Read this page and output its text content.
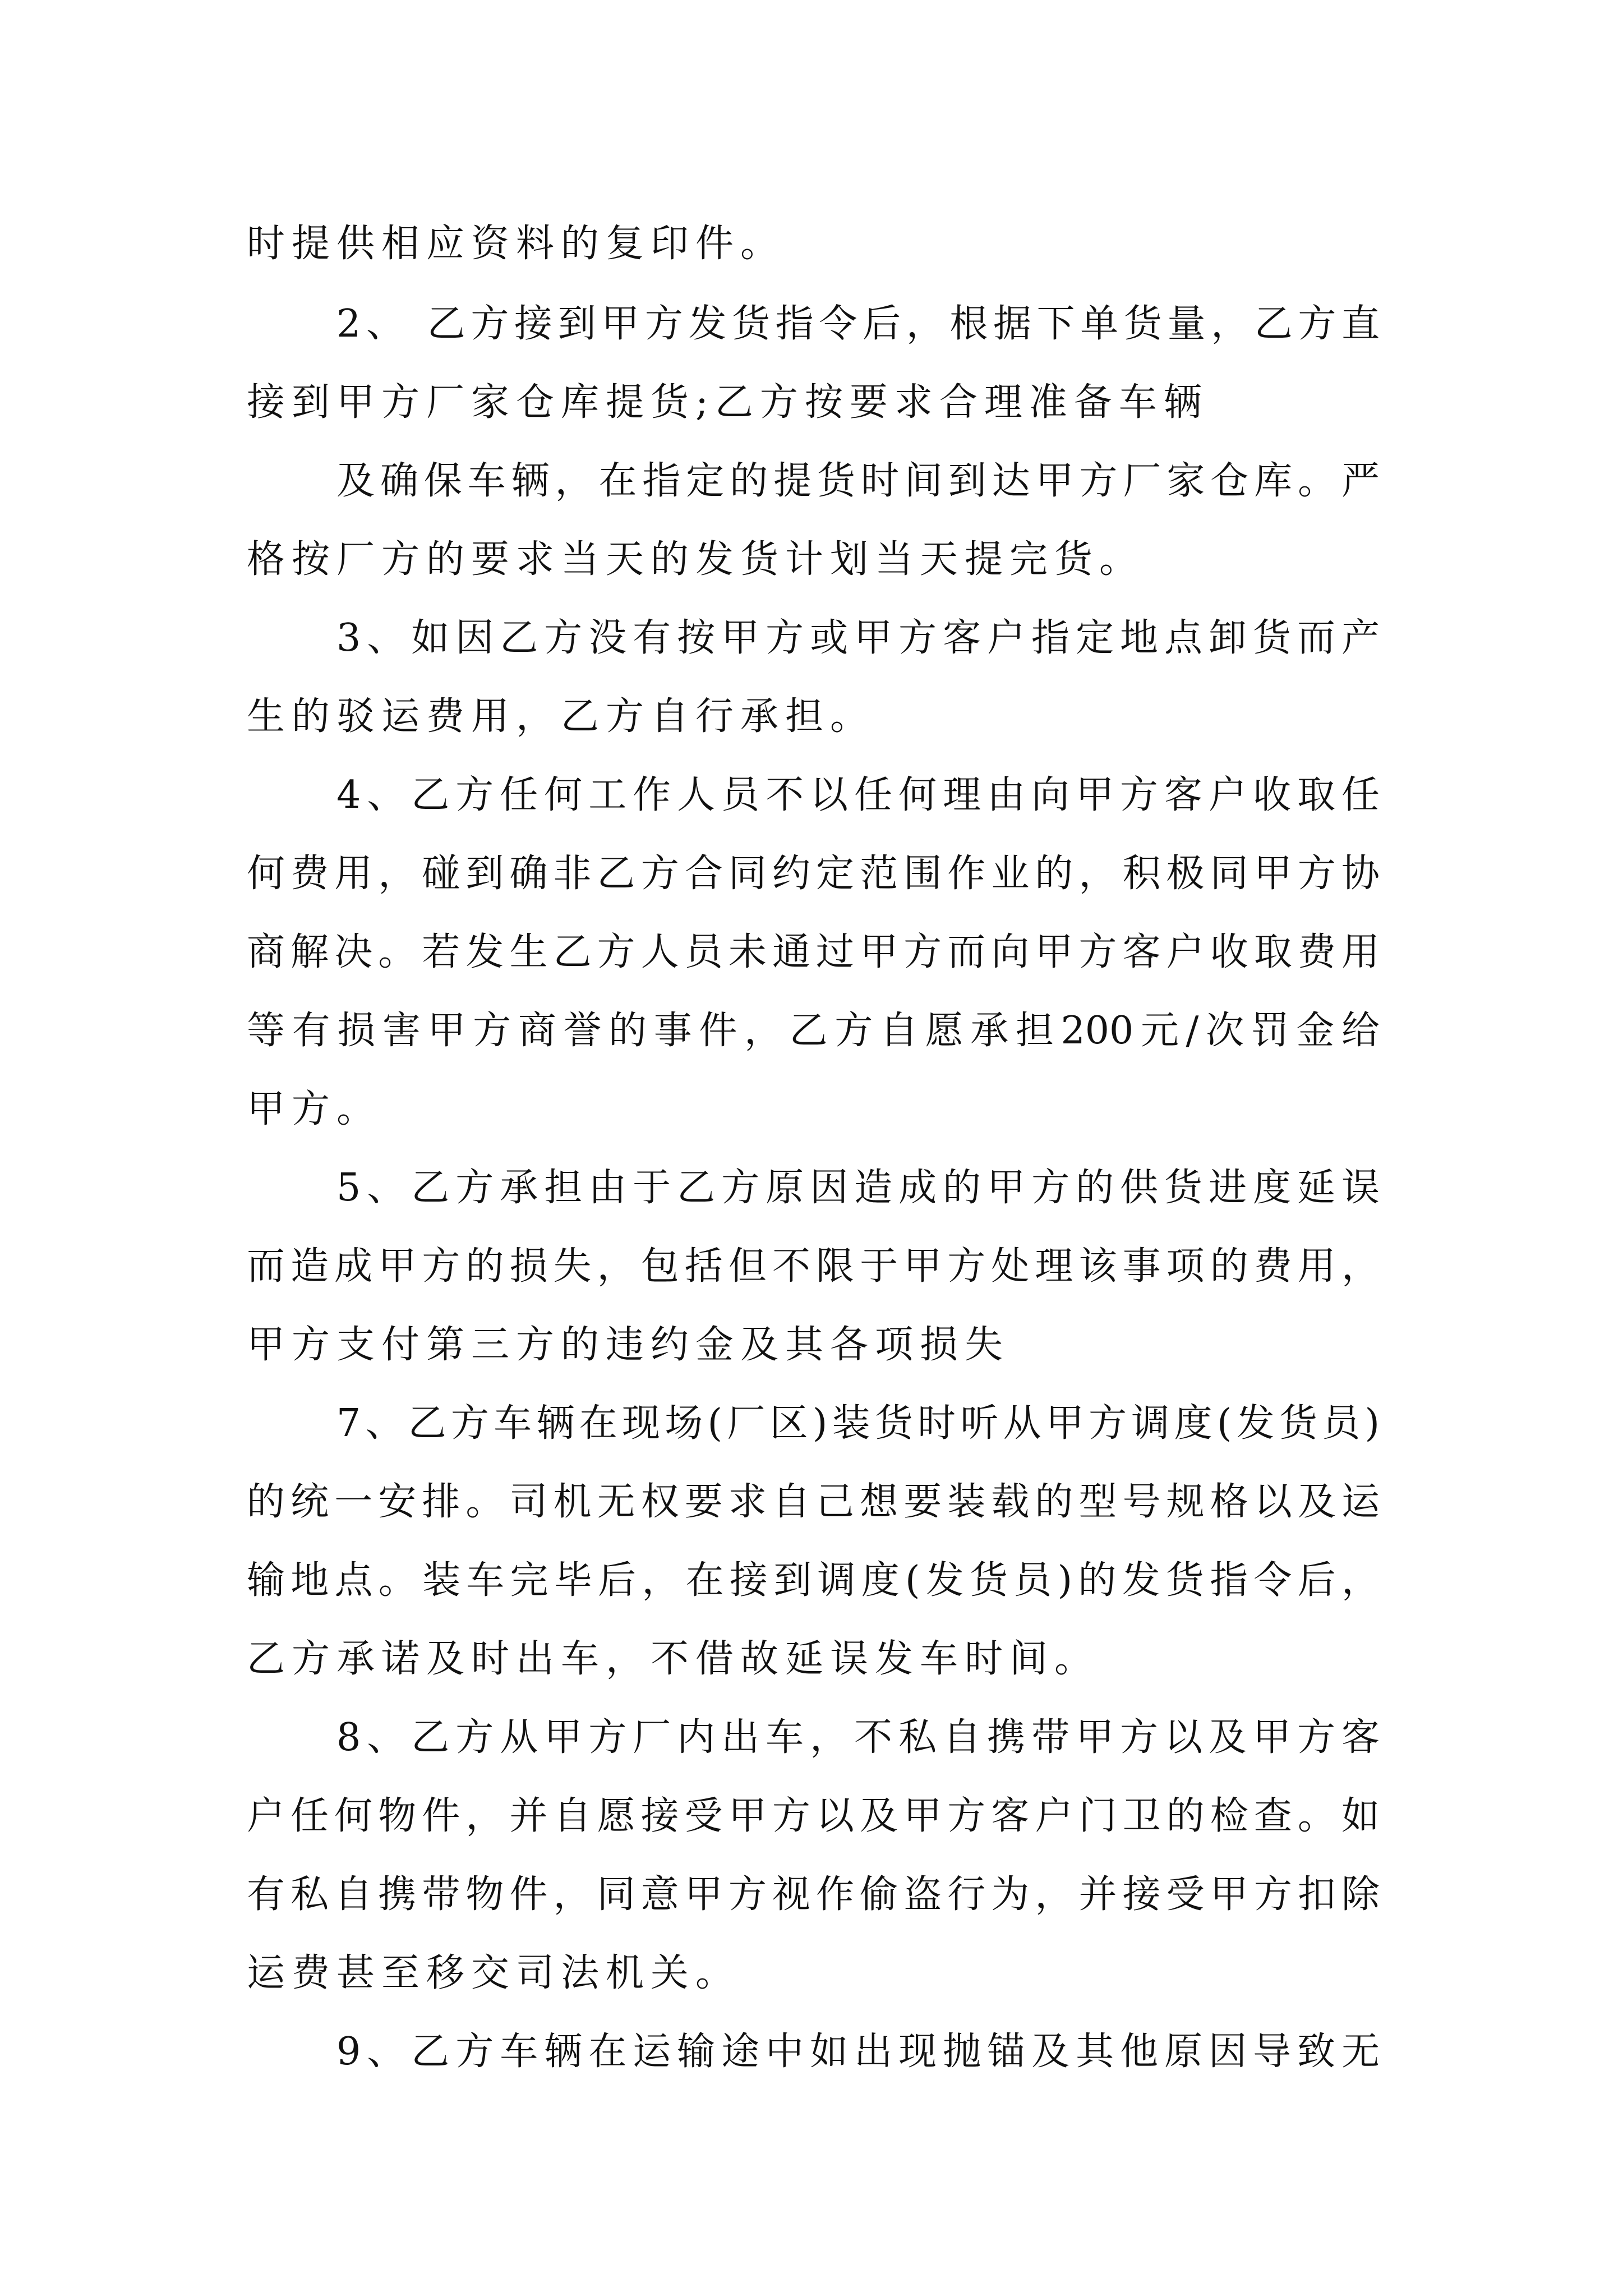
时提供相应资料的复印件。
2、 乙方接到甲方发货指令后，根据下单货量，乙方直
接到甲方厂家仓库提货;乙方按要求合理准备车辆
及确保车辆，在指定的提货时间到达甲方厂家仓库。严
格按厂方的要求当天的发货计划当天提完货。
3、如因乙方没有按甲方或甲方客户指定地点卸货而产
生的驳运费用，乙方自行承担。
4、乙方任何工作人员不以任何理由向甲方客户收取任
何费用，碰到确非乙方合同约定范围作业的，积极同甲方协
商解决。若发生乙方人员未通过甲方而向甲方客户收取费用
等有损害甲方商誉的事件，乙方自愿承担200元/次罚金给
甲方。
5、乙方承担由于乙方原因造成的甲方的供货进度延误
而造成甲方的损失，包括但不限于甲方处理该事项的费用，
甲方支付第三方的违约金及其各项损失
7、乙方车辆在现场(厂区)装货时听从甲方调度(发货员)
的统一安排。司机无权要求自己想要装载的型号规格以及运
输地点。装车完毕后，在接到调度(发货员)的发货指令后，
乙方承诺及时出车，不借故延误发车时间。
8、乙方从甲方厂内出车，不私自携带甲方以及甲方客
户任何物件，并自愿接受甲方以及甲方客户门卫的检查。如
有私自携带物件，同意甲方视作偷盗行为，并接受甲方扣除
运费甚至移交司法机关。
9、乙方车辆在运输途中如出现抛锚及其他原因导致无
